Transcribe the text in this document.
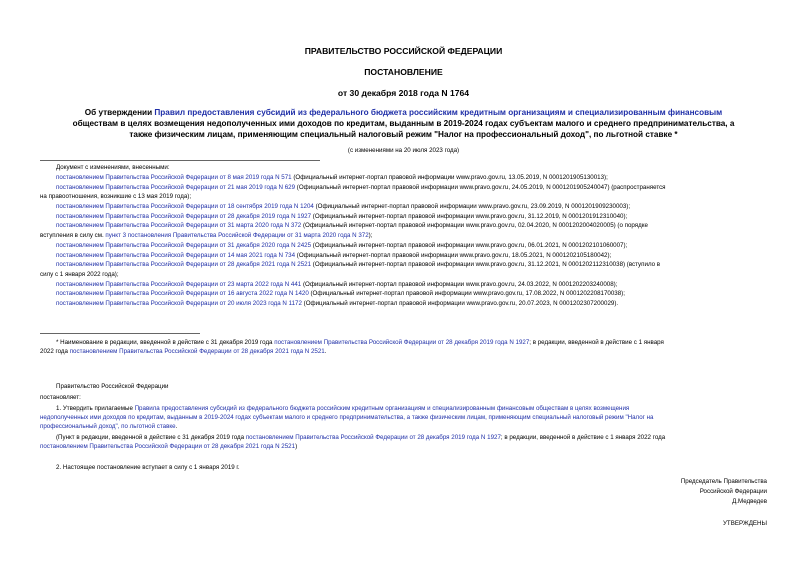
ПРАВИТЕЛЬСТВО РОССИЙСКОЙ ФЕДЕРАЦИИ
ПОСТАНОВЛЕНИЕ
от 30 декабря 2018 года N 1764
Об утверждении Правил предоставления субсидий из федерального бюджета российским кредитным организациям и специализированным финансовым
обществам в целях возмещения недополученных ими доходов по кредитам, выданным в 2019-2024 годах субъектам малого и среднего предпринимательства, а
также физическим лицам, применяющим специальный налоговый режим "Налог на профессиональный доход", по льготной ставке *
(с изменениями на 20 июля 2023 года)
Документ с изменениями, внесенными:
постановлением Правительства Российской Федерации от 8 мая 2019 года N 571 (Официальный интернет-портал правовой информации www.pravo.gov.ru, 13.05.2019, N 0001201905130013);
постановлением Правительства Российской Федерации от 21 мая 2019 года N 629 (Официальный интернет-портал правовой информации www.pravo.gov.ru, 24.05.2019, N 0001201905240047) (распространяется
на правоотношения, возникшие с 13 мая 2019 года);
постановлением Правительства Российской Федерации от 18 сентября 2019 года N 1204 (Официальный интернет-портал правовой информации www.pravo.gov.ru, 23.09.2019, N 0001201909230003);
постановлением Правительства Российской Федерации от 28 декабря 2019 года N 1927 (Официальный интернет-портал правовой информации www.pravo.gov.ru, 31.12.2019, N 0001201912310040);
постановлением Правительства Российской Федерации от 31 марта 2020 года N 372 (Официальный интернет-портал правовой информации www.pravo.gov.ru, 02.04.2020, N 0001202004020005) (о порядке
вступления в силу см. пункт 3 постановления Правительства Российской Федерации от 31 марта 2020 года N 372);
постановлением Правительства Российской Федерации от 31 декабря 2020 года N 2425 (Официальный интернет-портал правовой информации www.pravo.gov.ru, 06.01.2021, N 0001202101060007);
постановлением Правительства Российской Федерации от 14 мая 2021 года N 734 (Официальный интернет-портал правовой информации www.pravo.gov.ru, 18.05.2021, N 0001202105180042);
постановлением Правительства Российской Федерации от 28 декабря 2021 года N 2521 (Официальный интернет-портал правовой информации www.pravo.gov.ru, 31.12.2021, N 0001202112310038) (вступило в
силу с 1 января 2022 года);
постановлением Правительства Российской Федерации от 23 марта 2022 года N 441 (Официальный интернет-портал правовой информации www.pravo.gov.ru, 24.03.2022, N 0001202203240008);
постановлением Правительства Российской Федерации от 16 августа 2022 года N 1420 (Официальный интернет-портал правовой информации www.pravo.gov.ru, 17.08.2022, N 0001202208170038);
постановлением Правительства Российской Федерации от 20 июля 2023 года N 1172 (Официальный интернет-портал правовой информации www.pravo.gov.ru, 20.07.2023, N 0001202307200029).
* Наименование в редакции, введенной в действие с 31 декабря 2019 года постановлением Правительства Российской Федерации от 28 декабря 2019 года N 1927; в редакции, введенной в действие с 1 января
2022 года постановлением Правительства Российской Федерации от 28 декабря 2021 года N 2521.
Правительство Российской Федерации
постановляет:
1. Утвердить прилагаемые Правила предоставления субсидий из федерального бюджета российским кредитным организациям и специализированным финансовым обществам в целях возмещения
недополученных ими доходов по кредитам, выданным в 2019-2024 годах субъектам малого и среднего предпринимательства, а также физическим лицам, применяющим специальный налоговый режим "Налог на
профессиональный доход", по льготной ставке.
(Пункт в редакции, введенной в действие с 31 декабря 2019 года постановлением Правительства Российской Федерации от 28 декабря 2019 года N 1927; в редакции, введенной в действие с 1 января 2022 года
постановлением Правительства Российской Федерации от 28 декабря 2021 года N 2521)
2. Настоящее постановление вступает в силу с 1 января 2019 г.
Председатель Правительства
Российской Федерации
Д.Медведев
УТВЕРЖДЕНЫ
